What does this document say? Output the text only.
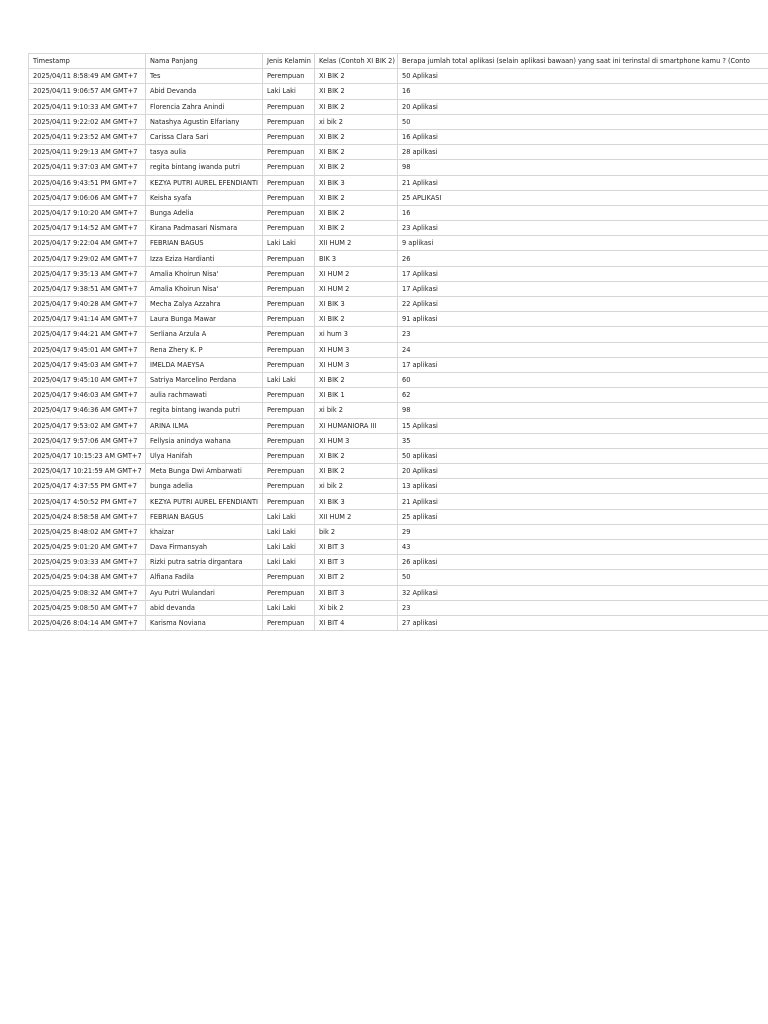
Timestamp	Nama Panjang	Jenis Kelamin	Kelas (Contoh XI BIK 2)	Berapa jumlah total aplikasi (selain aplikasi bawaan) yang saat ini terinstal di smartphone kamu ? (Conto
2025/04/11 8:58:49 AM GMT+7	Tes	Perempuan	XI BIK 2	50 Aplikasi
2025/04/11 9:06:57 AM GMT+7	Abid Devanda	Laki Laki	XI BIK 2	16
2025/04/11 9:10:33 AM GMT+7	Florencia Zahra Anindi	Perempuan	XI BIK 2	20 Aplikasi
2025/04/11 9:22:02 AM GMT+7	Natashya Agustin Elfariany	Perempuan	xi bik 2	50
2025/04/11 9:23:52 AM GMT+7	Carissa Clara Sari	Perempuan	XI BIK 2	16 Aplikasi
2025/04/11 9:29:13 AM GMT+7	tasya aulia	Perempuan	XI BIK 2	28 apilkasi
2025/04/11 9:37:03 AM GMT+7	regita bintang iwanda putri	Perempuan	XI BIK 2	98
2025/04/16 9:43:51 PM GMT+7	KEZYA PUTRI AUREL EFENDIANTI	Perempuan	XI BIK 3	21 Aplikasi
2025/04/17 9:06:06 AM GMT+7	Keisha syafa	Perempuan	XI BIK 2	25 APLIKASI
2025/04/17 9:10:20 AM GMT+7	Bunga Adelia	Perempuan	XI BIK 2	16
2025/04/17 9:14:52 AM GMT+7	Kirana Padmasari Nismara	Perempuan	XI BIK 2	23 Aplikasi
2025/04/17 9:22:04 AM GMT+7	FEBRIAN BAGUS	Laki Laki	XII HUM 2	9 aplikasi
2025/04/17 9:29:02 AM GMT+7	Izza Eziza Hardianti	Perempuan	BIK 3	26
2025/04/17 9:35:13 AM GMT+7	Amalia Khoirun Nisa'	Perempuan	XI HUM 2	17 Aplikasi
2025/04/17 9:38:51 AM GMT+7	Amalia Khoirun Nisa'	Perempuan	XI HUM 2	17 Aplikasi
2025/04/17 9:40:28 AM GMT+7	Mecha Zalya Azzahra	Perempuan	XI BIK 3	22 Aplikasi
2025/04/17 9:41:14 AM GMT+7	Laura Bunga Mawar	Perempuan	XI BIK 2	91 aplikasi
2025/04/17 9:44:21 AM GMT+7	Serliana Arzula A	Perempuan	xi hum 3	23
2025/04/17 9:45:01 AM GMT+7	Rena Zhery K. P	Perempuan	XI HUM 3	24
2025/04/17 9:45:03 AM GMT+7	IMELDA MAEYSA	Perempuan	XI HUM 3	17 aplikasi
2025/04/17 9:45:10 AM GMT+7	Satriya Marcelino Perdana	Laki Laki	XI BIK 2	60
2025/04/17 9:46:03 AM GMT+7	aulia rachmawati	Perempuan	XI BIK 1	62
2025/04/17 9:46:36 AM GMT+7	regita bintang iwanda putri	Perempuan	xi bik 2	98
2025/04/17 9:53:02 AM GMT+7	ARINA ILMA	Perempuan	XI HUMANIORA III	15 Aplikasi
2025/04/17 9:57:06 AM GMT+7	Fellysia anindya wahana	Perempuan	XI HUM 3	35
2025/04/17 10:15:23 AM GMT+7	Ulya Hanifah	Perempuan	XI BIK 2	50 aplikasi
2025/04/17 10:21:59 AM GMT+7	Meta Bunga Dwi Ambarwati	Perempuan	XI BIK 2	20 Aplikasi
2025/04/17 4:37:55 PM GMT+7	bunga adelia	Perempuan	xi bik 2	13 aplikasi
2025/04/17 4:50:52 PM GMT+7	KEZYA PUTRI AUREL EFENDIANTI	Perempuan	XI BIK 3	21 Aplikasi
2025/04/24 8:58:58 AM GMT+7	FEBRIAN BAGUS	Laki Laki	XII HUM 2	25 aplikasi
2025/04/25 8:48:02 AM GMT+7	khaizar	Laki Laki	bik 2	29
2025/04/25 9:01:20 AM GMT+7	Dava Firmansyah	Laki Laki	XI BIT 3	43
2025/04/25 9:03:33 AM GMT+7	Rizki putra satria dirgantara	Laki Laki	XI BIT 3	26 aplikasi
2025/04/25 9:04:38 AM GMT+7	Alfiana Fadila	Perempuan	XI BIT 2	50
2025/04/25 9:08:32 AM GMT+7	Ayu Putri Wulandari	Perempuan	XI BIT 3	32 Aplikasi
2025/04/25 9:08:50 AM GMT+7	abid devanda	Laki Laki	Xi bik 2	23
2025/04/26 8:04:14 AM GMT+7	Karisma Noviana	Perempuan	XI BIT 4	27 aplikasi
